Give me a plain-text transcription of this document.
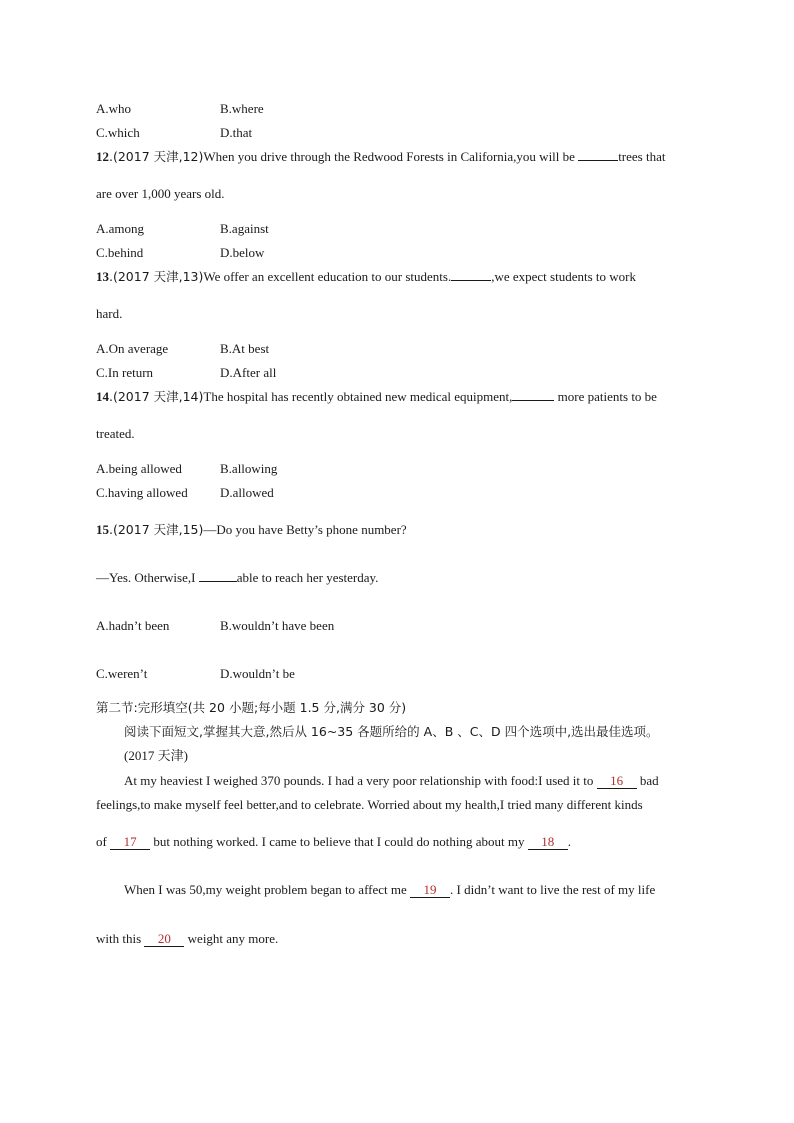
A.who	B.where
C.which	D.that
12.(2017 天津,12)When you drive through the Redwood Forests in California,you will be	trees that
are over 1,000 years old.
A.among	B.against
C.behind	D.below
13.(2017 天津,13)We offer an excellent education to our students.	,we expect students to work
hard.
A.On average	B.At best
C.In return	D.After all
14.(2017 天津,14)The hospital has recently obtained new medical equipment,	more patients to be
treated.
A.being allowed	B.allowing
C.having allowed D.allowed
15.(2017 天津,15)—Do you have Betty’s phone number?
—Yes. Otherwise,I	able to reach her yesterday.
A.hadn’t been	B.wouldn’t have been
C.weren’t	D.wouldn’t be
第二节:完形填空(共 20 小题;每小题 1.5 分,满分 30 分)
阅读下面短文,掌握其大意,然后从 16~35 各题所给的 A、B 、C、D 四个选项中,选出最佳选项。
(2017 天津)
At my heaviest I weighed 370 pounds. I had a very poor relationship with food:I used it to 16 bad
feelings,to make myself feel better,and to celebrate. Worried about my health,I tried many different kinds
of 17 but nothing worked. I came to believe that I could do nothing about my 18 .
When I was 50,my weight problem began to affect me 19 . I didn’t want to live the rest of my life
with this 20 weight any more.
